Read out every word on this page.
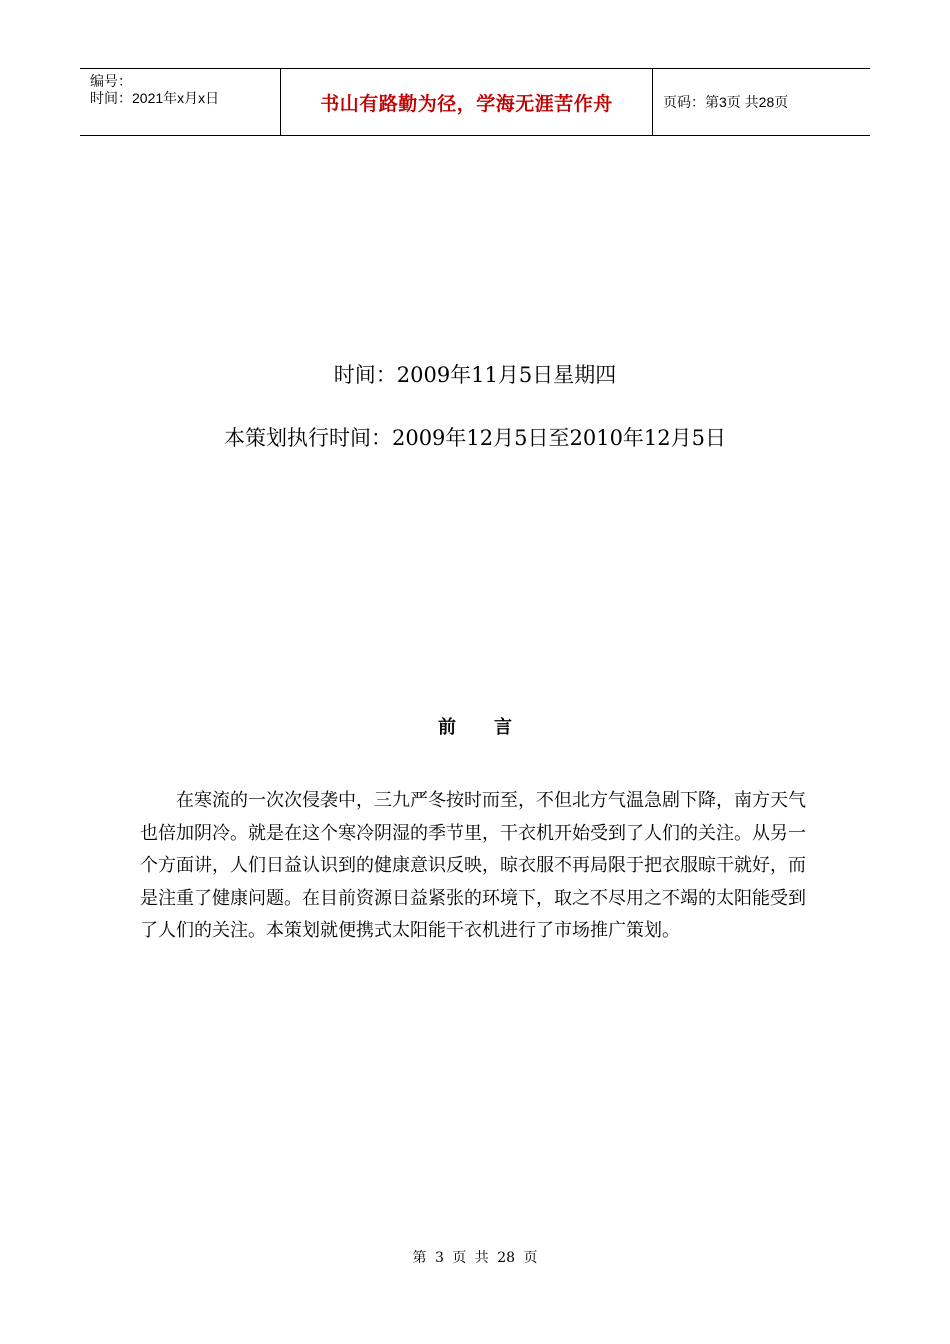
编号：
时间：2021年x月x日	书山有路勤为径，学海无涯苦作舟	页码：第3页 共28页
时间：2009年11月5日星期四
本策划执行时间：2009年12月5日至2010年12月5日
前言
在寒流的一次次侵袭中，三九严冬按时而至，不但北方气温急剧下降，南方天气也倍加阴冷。就是在这个寒冷阴湿的季节里，干衣机开始受到了人们的关注。从另一个方面讲，人们日益认识到的健康意识反映，晾衣服不再局限于把衣服晾干就好，而是注重了健康问题。在目前资源日益紧张的环境下，取之不尽用之不竭的太阳能受到了人们的关注。本策划就便携式太阳能干衣机进行了市场推广策划。
第 3 页 共 28 页
